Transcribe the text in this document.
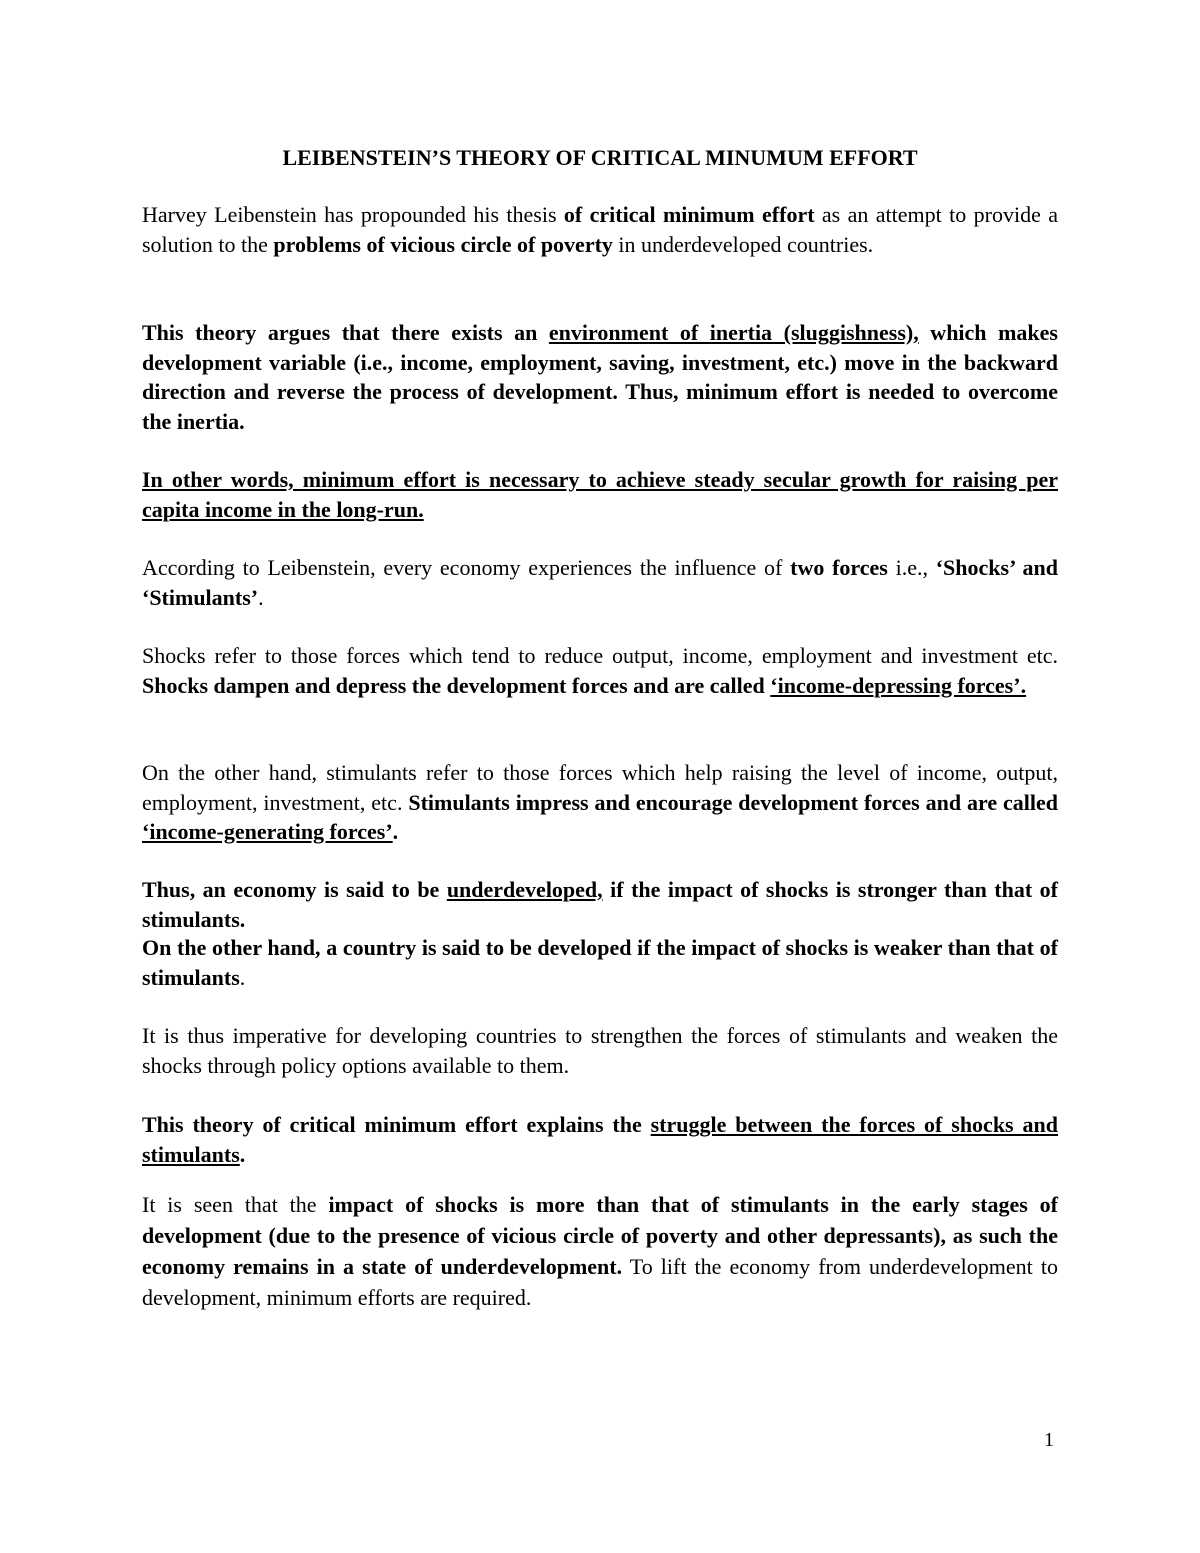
LEIBENSTEIN’S THEORY OF CRITICAL MINUMUM EFFORT

Harvey Leibenstein has propounded his thesis of critical minimum effort as an attempt to provide a solution to the problems of vicious circle of poverty in underdeveloped countries.

This theory argues that there exists an environment of inertia (sluggishness), which makes development variable (i.e., income, employment, saving, investment, etc.) move in the backward direction and reverse the process of development. Thus, minimum effort is needed to overcome the inertia.

In other words, minimum effort is necessary to achieve steady secular growth for raising per capita income in the long-run.

According to Leibenstein, every economy experiences the influence of two forces i.e., ‘Shocks’ and ‘Stimulants’.

Shocks refer to those forces which tend to reduce output, income, employment and investment etc. Shocks dampen and depress the development forces and are called ‘income-depressing forces’.

On the other hand, stimulants refer to those forces which help raising the level of income, output, employment, investment, etc. Stimulants impress and encourage development forces and are called ‘income-generating forces’.

Thus, an economy is said to be underdeveloped, if the impact of shocks is stronger than that of stimulants.

On the other hand, a country is said to be developed if the impact of shocks is weaker than that of stimulants.

It is thus imperative for developing countries to strengthen the forces of stimulants and weaken the shocks through policy options available to them.

This theory of critical minimum effort explains the struggle between the forces of shocks and stimulants.

It is seen that the impact of shocks is more than that of stimulants in the early stages of development (due to the presence of vicious circle of poverty and other depressants), as such the economy remains in a state of underdevelopment. To lift the economy from underdevelopment to development, minimum efforts are required.

1
